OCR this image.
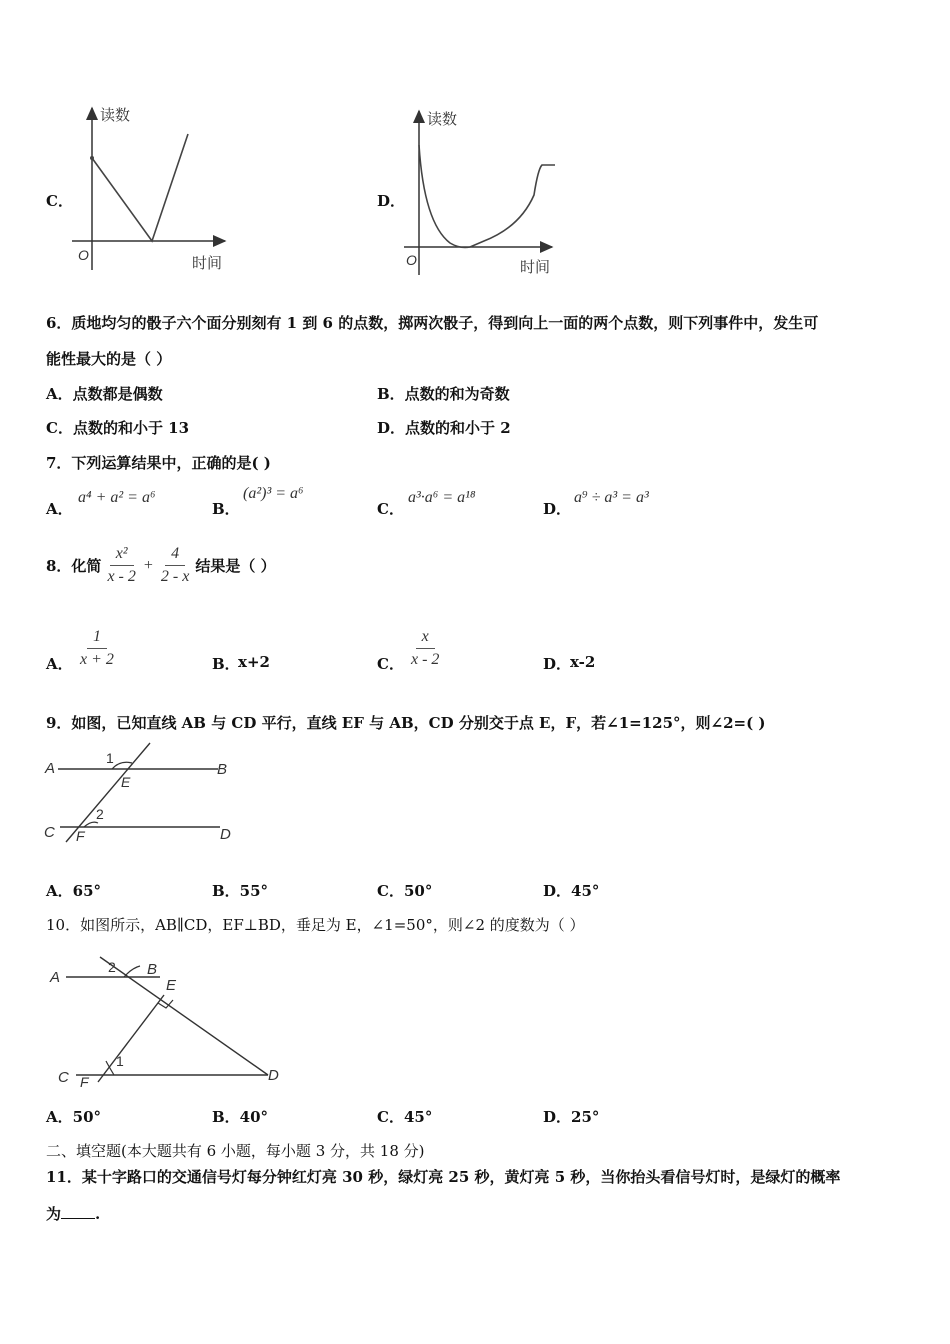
C．
读数
O	时间
D．
读数
O	时间
6．质地均匀的骰子六个面分别刻有 1 到 6 的点数，掷两次骰子，得到向上一面的两个点数，则下列事件中，发生可
能性最大的是（ ）
A．点数都是偶数	B．点数的和为奇数
C．点数的和小于 13	D．点数的和小于 2
7．下列运算结果中，正确的是( )
A．
a⁴ + a² = a⁶
B．
(a²)³ = a⁶
C．
a³·a⁶ = a¹⁸
D．
a⁹ ÷ a³ = a³
8．化简 $\frac{\text{x²}}{x - 2} + \frac{4}{2 - x}$ 结果是（ ）
A． $\frac{1}{x + 2}$	B．
x+2	C． $\frac{x}{x - 2}$	D．
x-2
9．如图，已知直线 AB 与 CD 平行，直线 EF 与 AB，CD 分别交于点 E，F，若∠1=125°，则∠2=( )
A	B
C	D
E
F
1
2
A．65°	B．55°	C．50°	D．45°
10．如图所示，AB∥CD，EF⊥BD，垂足为 E，∠1=50°，则∠2 的度数为（ ）
A	B
E
C F	D
1
2
A．50°	B．40°	C．45°	D．25°
二、填空题(本大题共有 6 小题，每小题 3 分，共 18 分)
11．某十字路口的交通信号灯每分钟红灯亮 30 秒，绿灯亮 25 秒，黄灯亮 5 秒，当你抬头看信号灯时，是绿灯的概率
为 .
